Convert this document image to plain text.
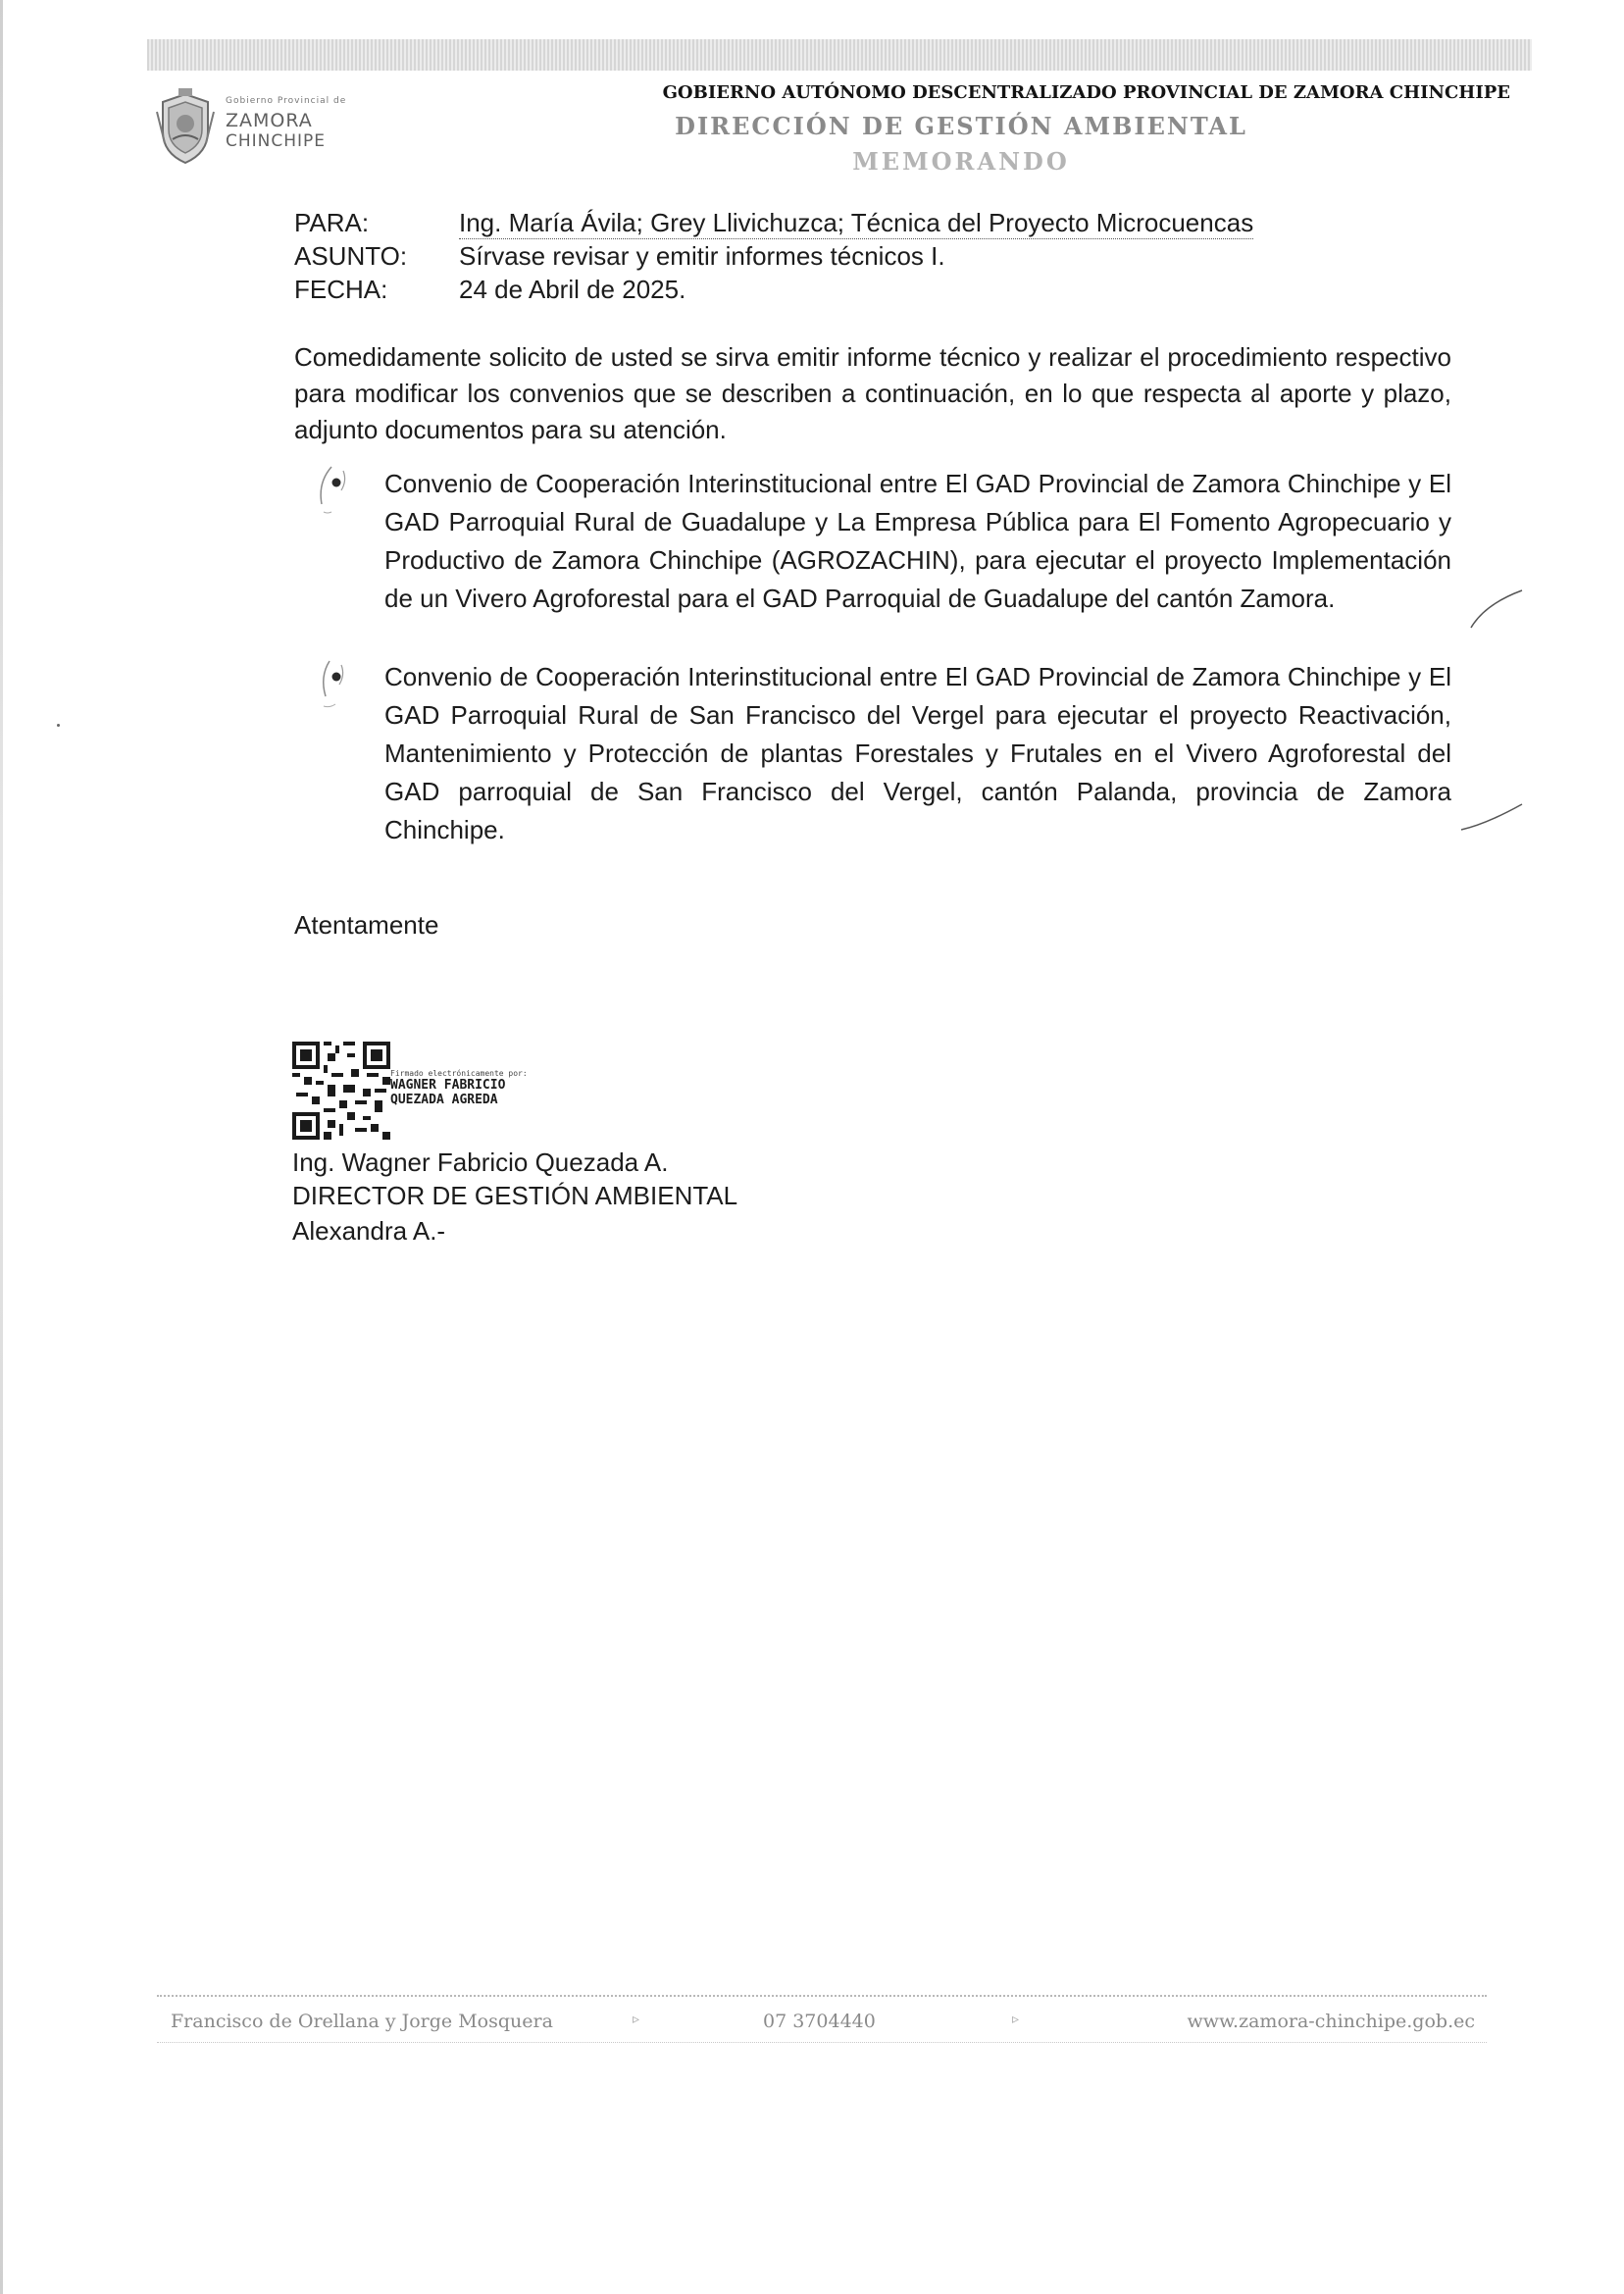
Gobierno Provincial de
ZAMORA
CHINCHIPE
GOBIERNO AUTÓNOMO DESCENTRALIZADO PROVINCIAL DE ZAMORA CHINCHIPE
DIRECCIÓN DE GESTIÓN AMBIENTAL
MEMORANDO
PARA:	Ing. María Ávila; Grey Llivichuzca; Técnica del Proyecto Microcuencas
ASUNTO: Sírvase revisar y emitir informes técnicos I.
FECHA:	24 de Abril de 2025.
Comedidamente solicito de usted se sirva emitir informe técnico y realizar el procedimiento respectivo para modificar los convenios que se describen a continuación, en lo que respecta al aporte y plazo, adjunto documentos para su atención.
Convenio de Cooperación Interinstitucional entre El GAD Provincial de Zamora Chinchipe y El GAD Parroquial Rural de Guadalupe y La Empresa Pública para El Fomento Agropecuario y Productivo de Zamora Chinchipe (AGROZACHIN), para ejecutar el proyecto Implementación de un Vivero Agroforestal para el GAD Parroquial de Guadalupe del cantón Zamora.
Convenio de Cooperación Interinstitucional entre El GAD Provincial de Zamora Chinchipe y El GAD Parroquial Rural de San Francisco del Vergel para ejecutar el proyecto Reactivación, Mantenimiento y Protección de plantas Forestales y Frutales en el Vivero Agroforestal del GAD parroquial de San Francisco del Vergel, cantón Palanda, provincia de Zamora Chinchipe.
Atentamente
Firmado electrónicamente por:
WAGNER FABRICIO
QUEZADA AGREDA
Ing. Wagner Fabricio Quezada A.
DIRECTOR DE GESTIÓN AMBIENTAL
Alexandra A.-
Francisco de Orellana y Jorge Mosquera	▹	07 3704440	▹	www.zamora-chinchipe.gob.ec
